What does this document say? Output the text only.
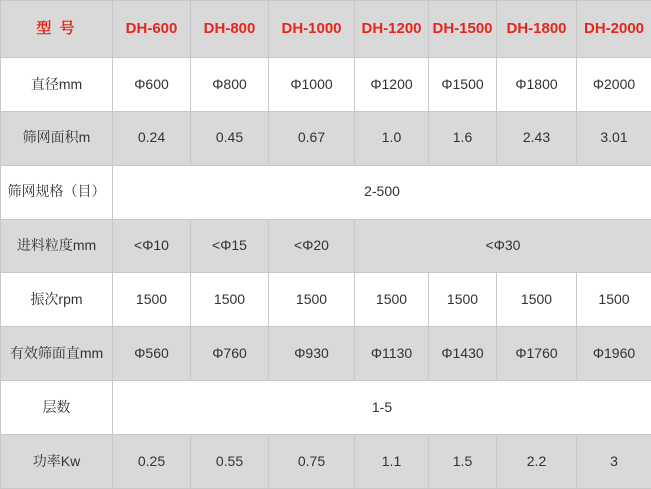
型 号	DH-600	DH-800	DH-1000	DH-1200	DH-1500	DH-1800	DH-2000
直径mm	Φ600	Φ800	Φ1000	Φ1200	Φ1500	Φ1800	Φ2000
筛网面积m	0.24	0.45	0.67	1.0	1.6	2.43	3.01
筛网规格（目）	2-500						
进料粒度mm	<Φ10	<Φ15	<Φ20	<Φ30			
振次rpm	1500	1500	1500	1500	1500	1500	1500
有效筛面直mm	Φ560	Φ760	Φ930	Φ1130	Φ1430	Φ1760	Φ1960
层数	1-5						
功率Kw	0.25	0.55	0.75	1.1	1.5	2.2	3
